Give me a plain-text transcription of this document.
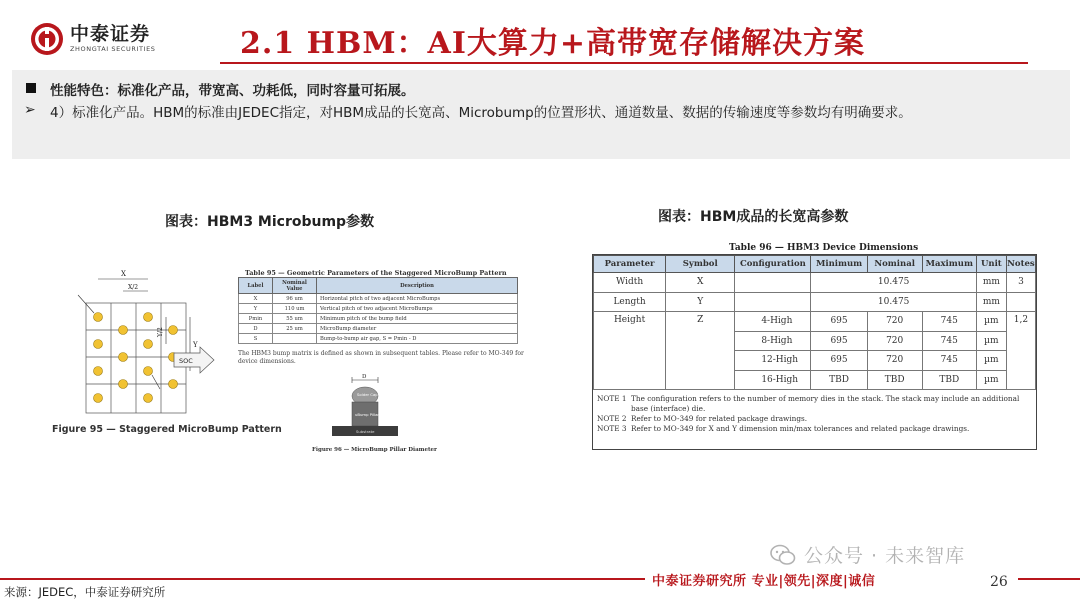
中泰证券
ZHONGTAI SECURITIES	2.1 HBM：AI大算力+高带宽存储解决方案
性能特色：标准化产品，带宽高、功耗低，同时容量可拓展。
➢ 4）标准化产品。HBM的标准由JEDEC指定，对HBM成品的长宽高、Microbump的位置形状、通道数量、数据的传输速度等参数均有明确要求。
图表：HBM3 Microbump参数
X
X/2
Y/2
Y
SOC
Figure 95 — Staggered MicroBump Pattern
Table 95 — Geometric Parameters of the Staggered MicroBump Pattern
Label	Nominal Value	Description
X	96 um	Horizontal pitch of two adjacent MicroBumps
Y	110 um	Vertical pitch of two adjacent MicroBumps
Pmin	55 um	Minimum pitch of the bump field
D	25 um	MicroBump diameter
S		Bump-to-bump air gap, S = Pmin - D
The HBM3 bump matrix is defined as shown in subsequent tables. Please refer to MO-349 for device dimensions.
D
Solder Cap
uBump Pillar
Substrate
Figure 96 — MicroBump Pillar Diameter
图表：HBM成品的长宽高参数
Table 96 — HBM3 Device Dimensions
Parameter	Symbol	Configuration	Minimum	Nominal	Maximum	Unit	Notes
Width	X		10.475			mm	3
Length	Y		10.475			mm	
Height	Z	4-High	695	720	745	µm	1,2
		8-High	695	720	745	µm	
		12-High	695	720	745	µm	
		16-High	TBD	TBD	TBD	µm	
NOTE 1 The configuration refers to the number of memory dies in the stack. The stack may include an additional base (interface) die.
NOTE 2 Refer to MO-349 for related package drawings.
NOTE 3 Refer to MO-349 for X and Y dimension min/max tolerances and related package drawings.
公众号 · 未来智库
中泰证券研究所 专业|领先|深度|诚信	26
来源：JEDEC，中泰证券研究所
